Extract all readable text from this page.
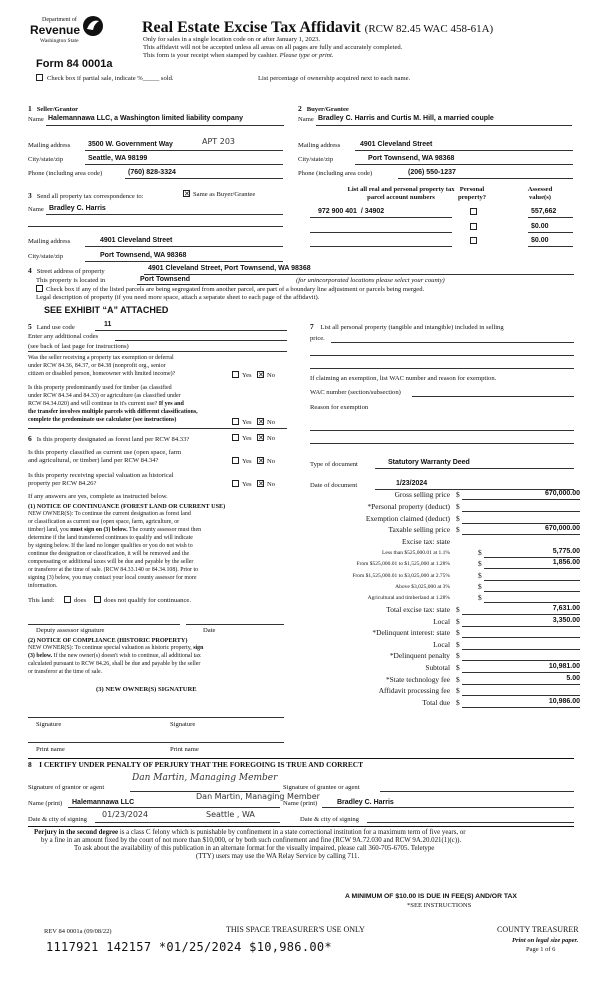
Department of
Revenue
Washington State
Form 84 0001a
Real Estate Excise Tax Affidavit (RCW 82.45 WAC 458-61A)
Only for sales in a single location code on or after January 1, 2023.
This affidavit will not be accepted unless all areas on all pages are fully and accurately completed.
This form is your receipt when stamped by cashier. Please type or print.
Check box if partial sale, indicate %_____ sold.	List percentage of ownership acquired next to each name.
1 Seller/Grantor
Name Halemannawa LLC, a Washington limited liability company
Mailing address	3500 W. Government Way	APT 203
City/state/zip	Seattle, WA 98199
Phone (including area code)	(760) 828-3324
2 Buyer/Grantee
Name Bradley C. Harris and Curtis M. Hill, a married couple
Mailing address	4901 Cleveland Street
City/state/zip	Port Townsend, WA 98368
Phone (including area code)	(206) 550-1237
3 Send all property tax correspondence to:	✕ Same as Buyer/Grantee
Name Bradley C. Harris
Mailing address	4901 Cleveland Street
City/state/zip	Port Townsend, WA 98368
List all real and personal property tax
parcel account numbers
Personal
property?
Assessed
value(s)
972 900 401 / 34902	557,662
$0.00
$0.00
4 Street address of property	4901 Cleveland Street, Port Townsend, WA 98368
This property is located in	Port Townsend	(for unincorporated locations please select your county)
Check box if any of the listed parcels are being segregated from another parcel, are part of a boundary line adjustment or parcels being merged.
Legal description of property (if you need more space, attach a separate sheet to each page of the affidavit).
SEE EXHIBIT “A” ATTACHED
5 Land use code	11
Enter any additional codes
(see back of last page for instructions)
Was the seller receiving a property tax exemption or deferral
under RCW 84.36, 84.37, or 84.38 (nonprofit org., senior
citizen or disabled person, homeowner with limited income)?	Yes ✕ No
Is this property predominantly used for timber (as classified
under RCW 84.34 and 84.33) or agriculture (as classified under
RCW 84.34.020) and will continue in it's current use? If yes and
the transfer involves multiple parcels with different classifications,
complete the predominate use calculator (see instructions)	Yes ✕ No
6 Is this property designated as forest land per RCW 84.33?	Yes ✕ No
Is this property classified as current use (open space, farm
and agricultural, or timber) land per RCW 84.34?	Yes ✕ No
Is this property receiving special valuation as historical
property per RCW 84.26?	Yes ✕ No
If any answers are yes, complete as instructed below.
(1) NOTICE OF CONTINUANCE (FOREST LAND OR CURRENT USE)
NEW OWNER(S): To continue the current designation as forest land
or classification as current use (open space, farm, agriculture, or
timber) land, you must sign on (3) below. The county assessor must then
determine if the land transferred continues to qualify and will indicate
by signing below. If the land no longer qualifies or you do not wish to
continue the designation or classification, it will be removed and the
compensating or additional taxes will be due and payable by the seller
or transferor at the time of sale. (RCW 84.33.140 or 84.34.108). Prior to
signing (3) below, you may contact your local county assessor for more
information.
This land:	does	does not qualify for continuance.
Deputy assessor signature	Date
(2) NOTICE OF COMPLIANCE (HISTORIC PROPERTY)
NEW OWNER(S): To continue special valuation as historic property, sign
(3) below. If the new owner(s) doesn't wish to continue, all additional tax
calculated pursuant to RCW 84.26, shall be due and payable by the seller
or transferor at the time of sale.
(3) NEW OWNER(S) SIGNATURE
Signature	Signature
Print name	Print name
7 List all personal property (tangible and intangible) included in selling
price.
If claiming an exemption, list WAC number and reason for exemption.
WAC number (section/subsection)
Reason for exemption
Type of document	Statutory Warranty Deed
Date of document	1/23/2024
Gross selling price $	670,000.00
*Personal property (deduct) $
Exemption claimed (deduct) $
Taxable selling price $	670,000.00
Excise tax: state
Less than $525,000.01 at 1.1%	$	5,775.00
From $525,000.01 to $1,525,000 at 1.28%	$	1,856.00
From $1,525,000.01 to $3,025,000 at 2.75%	$
Above $3,025,000 at 3%	$
Agricultural and timberland at 1.28%	$
Total excise tax: state $	7,631.00
Local $	3,350.00
*Delinquent interest: state $
Local $
*Delinquent penalty $
Subtotal $	10,981.00
*State technology fee $	5.00
Affidavit processing fee $
Total due $	10,986.00
A MINIMUM OF $10.00 IS DUE IN FEE(S) AND/OR TAX
*SEE INSTRUCTIONS
8 I CERTIFY UNDER PENALTY OF PERJURY THAT THE FOREGOING IS TRUE AND CORRECT
Signature of grantor or agent
Dan Martin, Managing Member
Signature of grantee or agent
Dan Martin, Managing Member
Name (print) Halemannawa LLC	Name (print)	Bradley C. Harris
Date & city of signing
01/23/2024	Seattle , WA
Date & city of signing
Perjury in the second degree is a class C felony which is punishable by confinement in a state correctional institution for a maximum term of five years, or
by a fine in an amount fixed by the court of not more than $10,000, or by both such confinement and fine (RCW 9A.72.030 and RCW 9A.20.021(1)(c)).
To ask about the availability of this publication in an alternate format for the visually impaired, please call 360-705-6705. Teletype
(TTY) users may use the WA Relay Service by calling 711.
REV 84 0001a (09/08/22)	THIS SPACE TREASURER'S USE ONLY	COUNTY TREASURER
1117921 142157 *01/25/2024 $10,986.00*	Print on legal size paper.
Page 1 of 6
